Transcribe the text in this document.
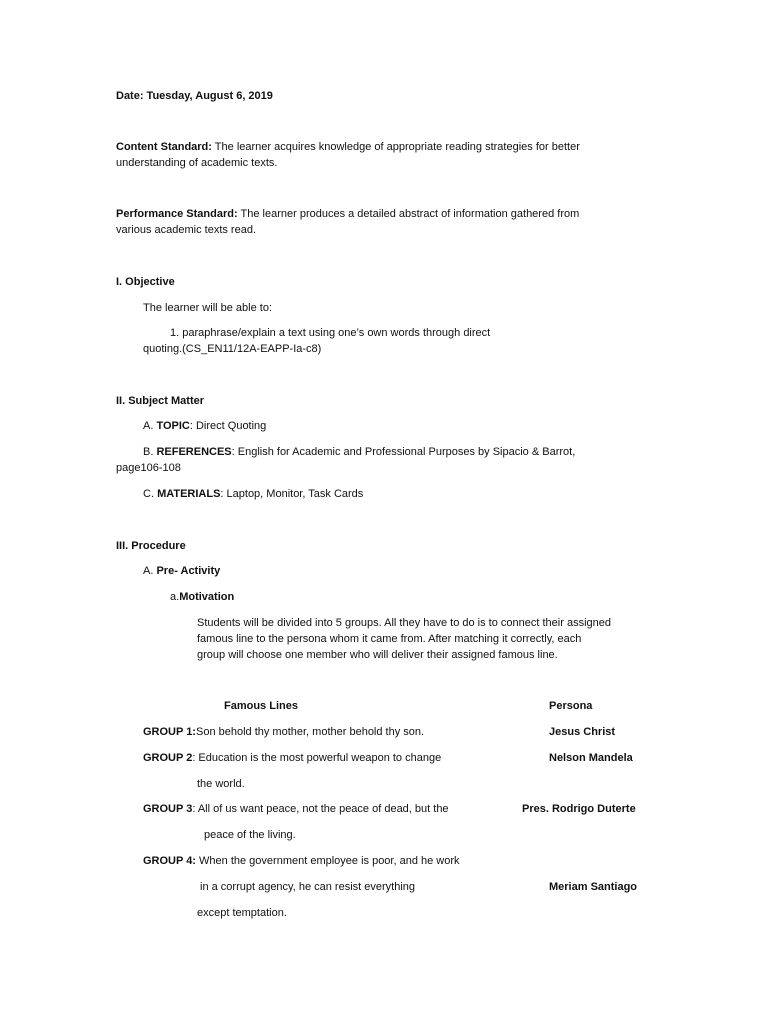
Date: Tuesday, August 6, 2019
Content Standard: The learner acquires knowledge of appropriate reading strategies for better
understanding of academic texts.
Performance Standard: The learner produces a detailed abstract of information gathered from
various academic texts read.
I. Objective
The learner will be able to:
1. paraphrase/explain a text using one’s own words through direct
quoting.(CS_EN11/12A-EAPP-Ia-c8)
II. Subject Matter
A. TOPIC: Direct Quoting
B. REFERENCES: English for Academic and Professional Purposes by Sipacio & Barrot,
page106-108
C. MATERIALS: Laptop, Monitor, Task Cards
III. Procedure
A. Pre- Activity
a.Motivation
Students will be divided into 5 groups. All they have to do is to connect their assigned
famous line to the persona whom it came from. After matching it correctly, each
group will choose one member who will deliver their assigned famous line.
Famous Lines	Persona
GROUP 1:Son behold thy mother, mother behold thy son.	Jesus Christ
GROUP 2: Education is the most powerful weapon to change	Nelson Mandela
the world.
GROUP 3: All of us want peace, not the peace of dead, but the	Pres. Rodrigo Duterte
peace of the living.
GROUP 4: When the government employee is poor, and he work
in a corrupt agency, he can resist everything	Meriam Santiago
except temptation.
